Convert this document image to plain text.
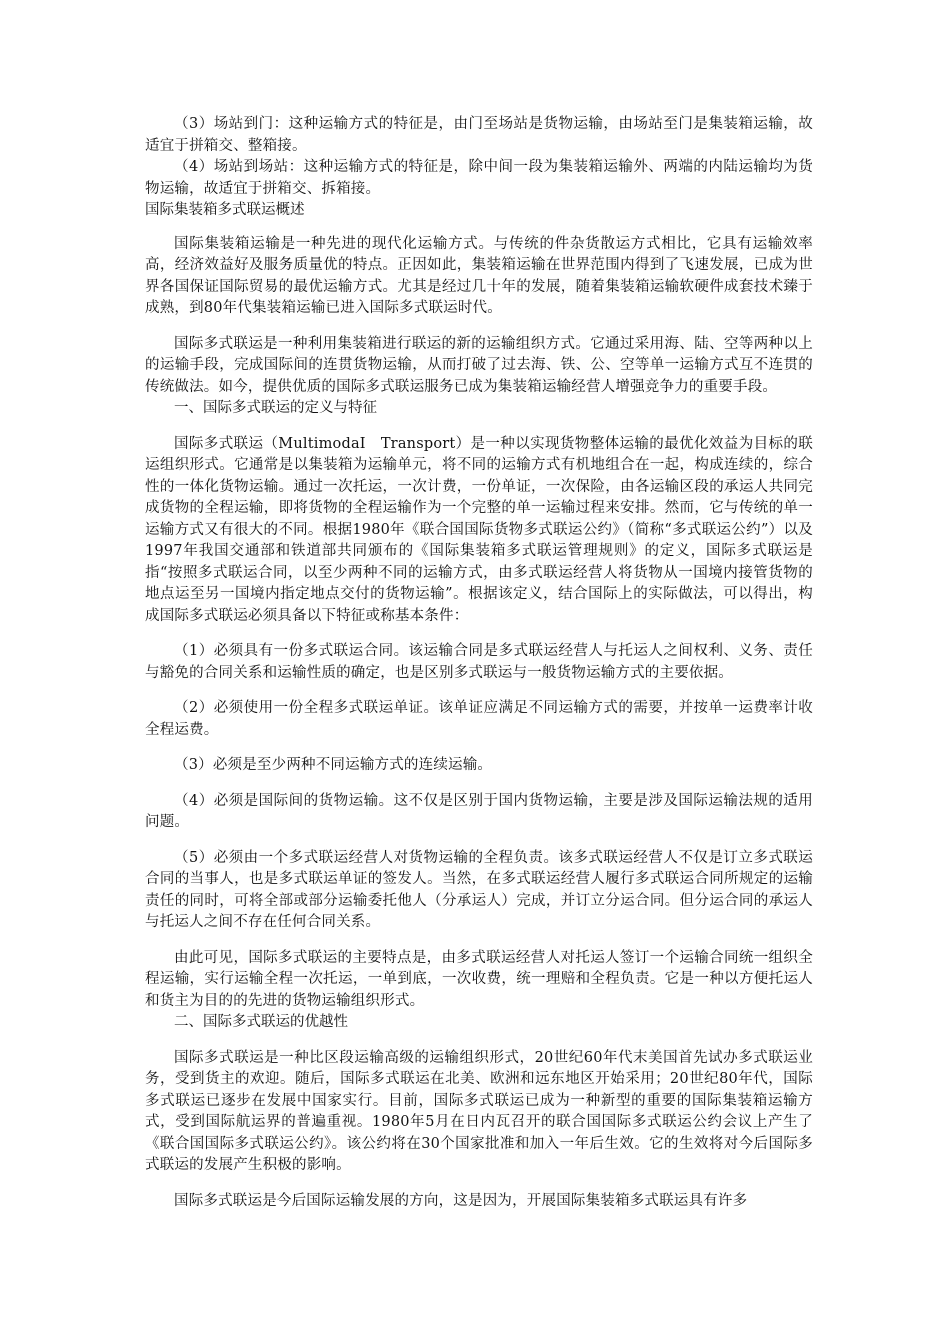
（3）场站到门：这种运输方式的特征是，由门至场站是货物运输，由场站至门是集装箱运输，故适宜于拼箱交、整箱接。

（4）场站到场站：这种运输方式的特征是，除中间一段为集装箱运输外、两端的内陆运输均为货物运输，故适宜于拼箱交、拆箱接。

国际集装箱多式联运概述

国际集装箱运输是一种先进的现代化运输方式。与传统的件杂货散运方式相比，它具有运输效率高，经济效益好及服务质量优的特点。正因如此，集装箱运输在世界范围内得到了飞速发展，已成为世界各国保证国际贸易的最优运输方式。尤其是经过几十年的发展，随着集装箱运输软硬件成套技术臻于成熟，到80年代集装箱运输已进入国际多式联运时代。

国际多式联运是一种利用集装箱进行联运的新的运输组织方式。它通过采用海、陆、空等两种以上的运输手段，完成国际间的连贯货物运输，从而打破了过去海、铁、公、空等单一运输方式互不连贯的传统做法。如今，提供优质的国际多式联运服务已成为集装箱运输经营人增强竞争力的重要手段。

一、国际多式联运的定义与特征

国际多式联运（MultimodaI　Transport）是一种以实现货物整体运输的最优化效益为目标的联运组织形式。它通常是以集装箱为运输单元，将不同的运输方式有机地组合在一起，构成连续的，综合性的一体化货物运输。通过一次托运，一次计费，一份单证，一次保险，由各运输区段的承运人共同完成货物的全程运输，即将货物的全程运输作为一个完整的单一运输过程来安排。然而，它与传统的单一运输方式又有很大的不同。根据1980年《联合国国际货物多式联运公约》（简称“多式联运公约”）以及1997年我国交通部和铁道部共同颁布的《国际集装箱多式联运管理规则》的定义，国际多式联运是指“按照多式联运合同，以至少两种不同的运输方式，由多式联运经营人将货物从一国境内接管货物的地点运至另一国境内指定地点交付的货物运输”。根据该定义，结合国际上的实际做法，可以得出，构成国际多式联运必须具备以下特征或称基本条件：

（1）必须具有一份多式联运合同。该运输合同是多式联运经营人与托运人之间权利、义务、责任与豁免的合同关系和运输性质的确定，也是区别多式联运与一般货物运输方式的主要依据。

（2）必须使用一份全程多式联运单证。该单证应满足不同运输方式的需要，并按单一运费率计收全程运费。

（3）必须是至少两种不同运输方式的连续运输。

（4）必须是国际间的货物运输。这不仅是区别于国内货物运输，主要是涉及国际运输法规的适用问题。

（5）必须由一个多式联运经营人对货物运输的全程负责。该多式联运经营人不仅是订立多式联运合同的当事人，也是多式联运单证的签发人。当然，在多式联运经营人履行多式联运合同所规定的运输责任的同时，可将全部或部分运输委托他人（分承运人）完成，并订立分运合同。但分运合同的承运人与托运人之间不存在任何合同关系。

由此可见，国际多式联运的主要特点是，由多式联运经营人对托运人签订一个运输合同统一组织全程运输，实行运输全程一次托运，一单到底，一次收费，统一理赔和全程负责。它是一种以方便托运人和货主为目的的先进的货物运输组织形式。

二、国际多式联运的优越性

国际多式联运是一种比区段运输高级的运输组织形式，20世纪60年代末美国首先试办多式联运业务，受到货主的欢迎。随后，国际多式联运在北美、欧洲和远东地区开始采用；20世纪80年代，国际多式联运已逐步在发展中国家实行。目前，国际多式联运已成为一种新型的重要的国际集装箱运输方式，受到国际航运界的普遍重视。1980年5月在日内瓦召开的联合国国际多式联运公约会议上产生了《联合国国际多式联运公约》。该公约将在30个国家批准和加入一年后生效。它的生效将对今后国际多式联运的发展产生积极的影响。

国际多式联运是今后国际运输发展的方向，这是因为，开展国际集装箱多式联运具有许多
